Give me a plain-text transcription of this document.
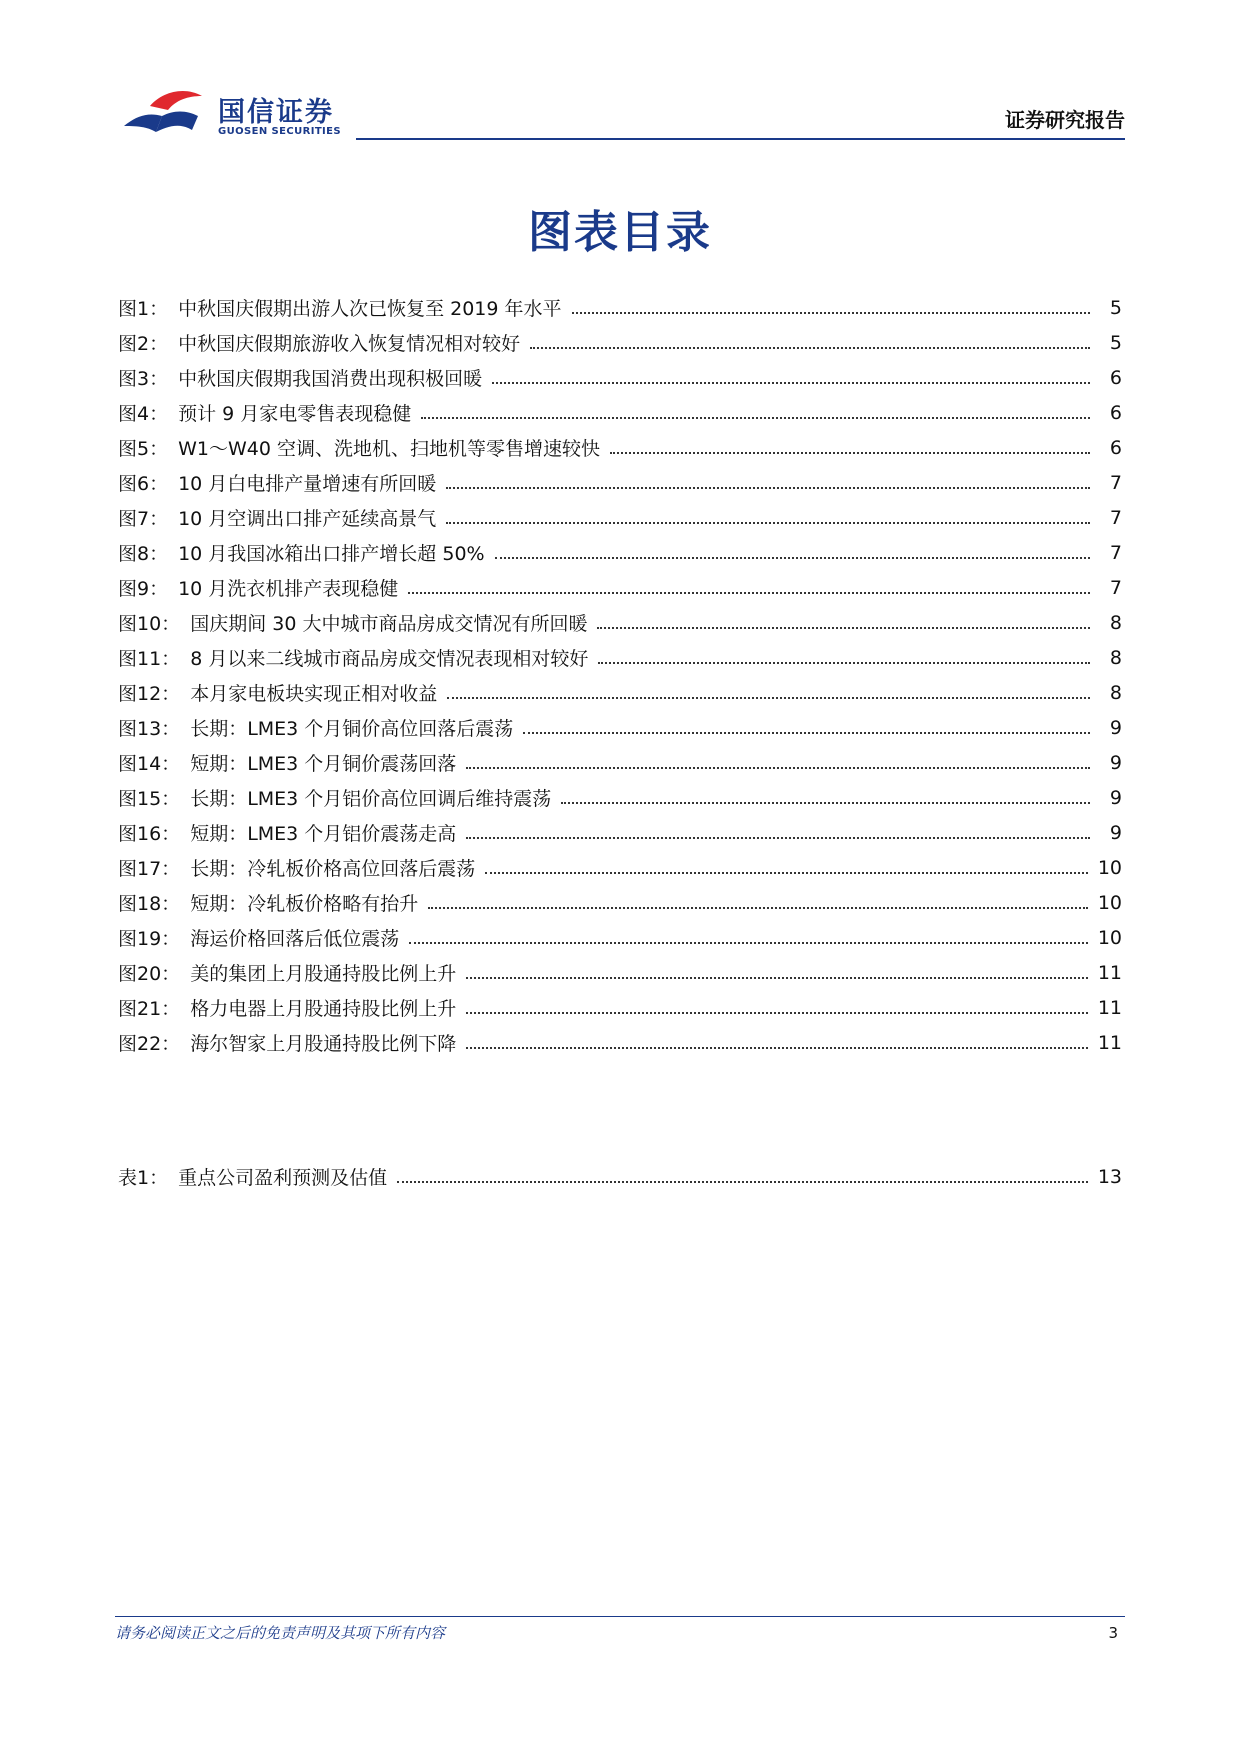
国信证券
GUOSEN SECURITIES	证券研究报告
图表目录
图1： 中秋国庆假期出游人次已恢复至 2019 年水平	5
图2： 中秋国庆假期旅游收入恢复情况相对较好	5
图3： 中秋国庆假期我国消费出现积极回暖	6
图4： 预计 9 月家电零售表现稳健	6
图5： W1～W40 空调、洗地机、扫地机等零售增速较快	6
图6： 10 月白电排产量增速有所回暖	7
图7： 10 月空调出口排产延续高景气	7
图8： 10 月我国冰箱出口排产增长超 50%	7
图9： 10 月洗衣机排产表现稳健	7
图10： 国庆期间 30 大中城市商品房成交情况有所回暖	8
图11： 8 月以来二线城市商品房成交情况表现相对较好	8
图12： 本月家电板块实现正相对收益	8
图13： 长期：LME3 个月铜价高位回落后震荡	9
图14： 短期：LME3 个月铜价震荡回落	9
图15： 长期：LME3 个月铝价高位回调后维持震荡	9
图16： 短期：LME3 个月铝价震荡走高	9
图17： 长期：冷轧板价格高位回落后震荡	10
图18： 短期：冷轧板价格略有抬升	10
图19： 海运价格回落后低位震荡	10
图20： 美的集团上月股通持股比例上升	11
图21： 格力电器上月股通持股比例上升	11
图22： 海尔智家上月股通持股比例下降	11
表1： 重点公司盈利预测及估值	13
请务必阅读正文之后的免责声明及其项下所有内容	3
